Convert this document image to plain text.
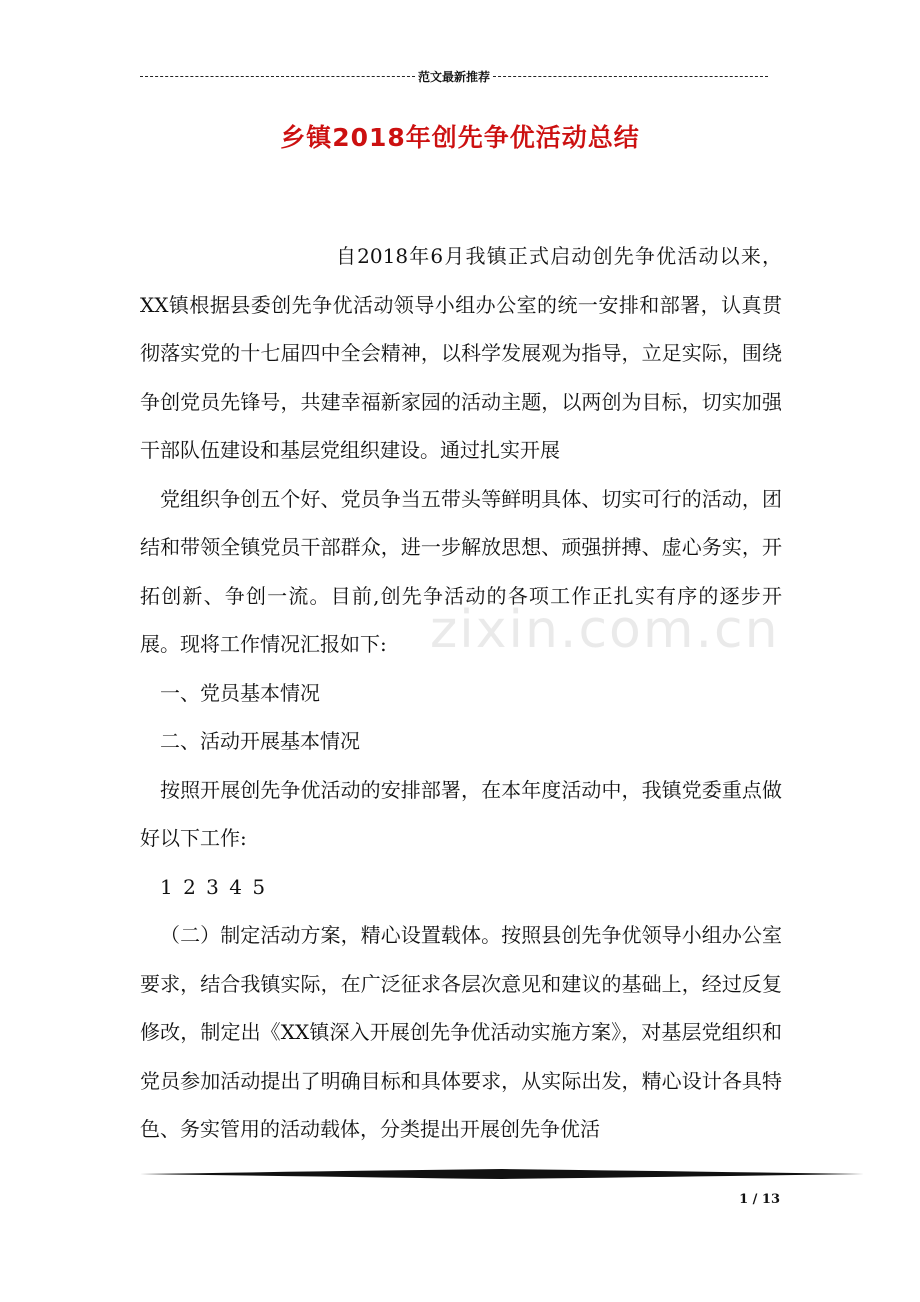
范文最新推荐
乡镇2018年创先争优活动总结

自2018年6月我镇正式启动创先争优活动以来，XX镇根据县委创先争优活动领导小组办公室的统一安排和部署，认真贯彻落实党的十七届四中全会精神，以科学发展观为指导，立足实际，围绕争创党员先锋号，共建幸福新家园的活动主题，以两创为目标，切实加强干部队伍建设和基层党组织建设。通过扎实开展

党组织争创五个好、党员争当五带头等鲜明具体、切实可行的活动，团结和带领全镇党员干部群众，进一步解放思想、顽强拼搏、虚心务实，开拓创新、争创一流。目前,创先争活动的各项工作正扎实有序的逐步开展。现将工作情况汇报如下:

一、党员基本情况

二、活动开展基本情况

按照开展创先争优活动的安排部署，在本年度活动中，我镇党委重点做好以下工作:

1 2 3 4 5

（二）制定活动方案，精心设置载体。按照县创先争优领导小组办公室要求，结合我镇实际，在广泛征求各层次意见和建议的基础上，经过反复修改，制定出《XX镇深入开展创先争优活动实施方案》，对基层党组织和党员参加活动提出了明确目标和具体要求，从实际出发，精心设计各具特色、务实管用的活动载体，分类提出开展创先争优活

zixin.com.cn
1 / 13
